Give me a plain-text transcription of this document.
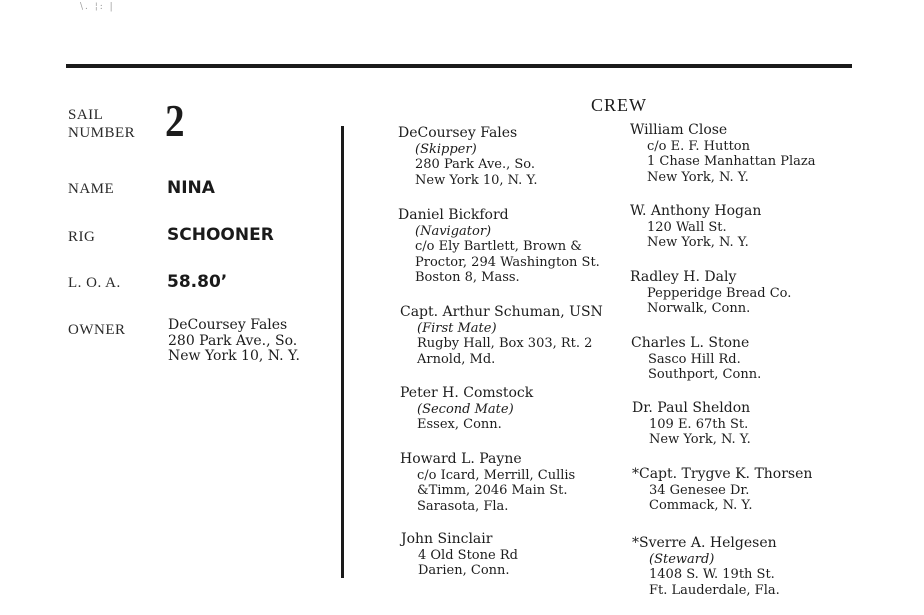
\. ¦: |
SAIL
NUMBER 2
NAME	NINA
RIG	SCHOONER
L. O. A.	58.80’
OWNER	DeCoursey Fales
280 Park Ave., So.
New York 10, N. Y.
CREW
DeCoursey Fales
(Skipper)
280 Park Ave., So.
New York 10, N. Y.
Daniel Bickford
(Navigator)
c/o Ely Bartlett, Brown &
Proctor, 294 Washington St.
Boston 8, Mass.
Capt. Arthur Schuman, USN
(First Mate)
Rugby Hall, Box 303, Rt. 2
Arnold, Md.
Peter H. Comstock
(Second Mate)
Essex, Conn.
Howard L. Payne
c/o Icard, Merrill, Cullis
&Timm, 2046 Main St.
Sarasota, Fla.
John Sinclair
4 Old Stone Rd
Darien, Conn.
William Close
c/o E. F. Hutton
1 Chase Manhattan Plaza
New York, N. Y.
W. Anthony Hogan
120 Wall St.
New York, N. Y.
Radley H. Daly
Pepperidge Bread Co.
Norwalk, Conn.
Charles L. Stone
Sasco Hill Rd.
Southport, Conn.
Dr. Paul Sheldon
109 E. 67th St.
New York, N. Y.
*Capt. Trygve K. Thorsen
34 Genesee Dr.
Commack, N. Y.
*Sverre A. Helgesen
(Steward)
1408 S. W. 19th St.
Ft. Lauderdale, Fla.
